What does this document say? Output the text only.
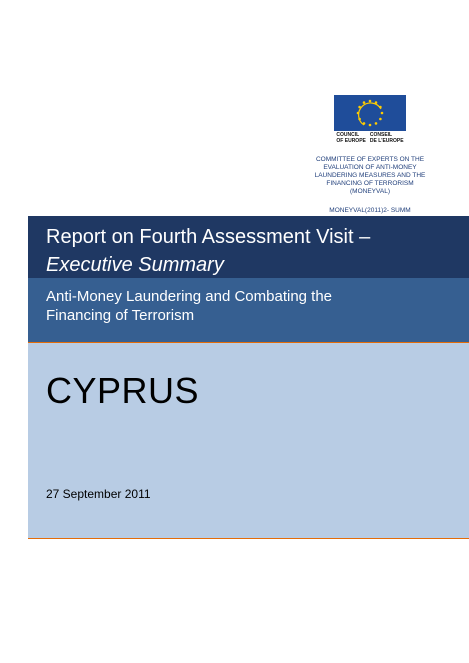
COUNCIL
OF EUROPE
CONSEIL
DE L'EUROPE
COMMITTEE OF EXPERTS ON THE
EVALUATION OF ANTI-MONEY
LAUNDERING MEASURES AND THE
FINANCING OF TERRORISM
(MONEYVAL)
MONEYVAL(2011)2- SUMM
Report on Fourth Assessment Visit –
Executive Summary
Anti-Money Laundering and Combating the
Financing of Terrorism
CYPRUS
27 September 2011
